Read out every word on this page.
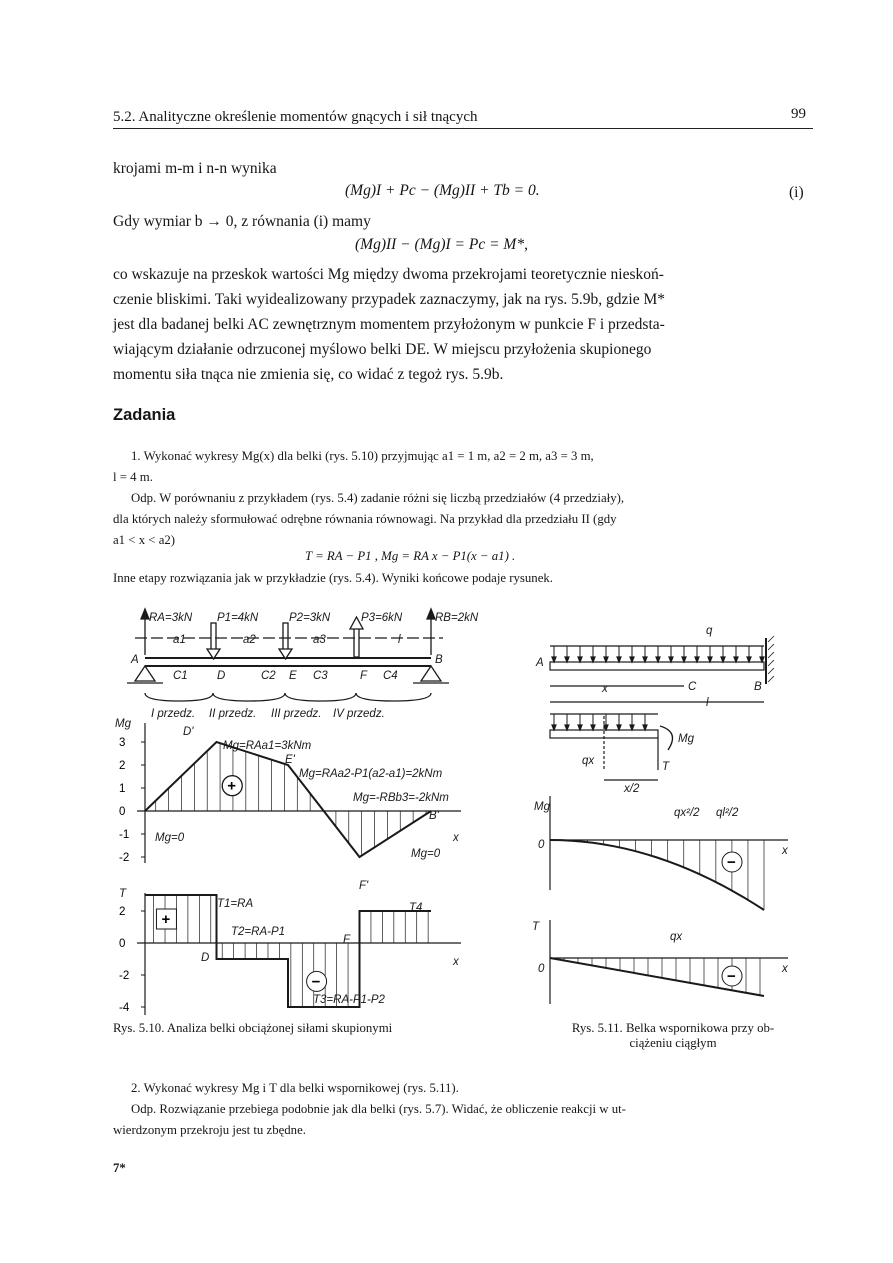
5.2. Analityczne określenie momentów gnących i sił tnących	99
krojami m-m i n-n wynika
(Mg)I + Pc − (Mg)II + Tb = 0.	(i)
Gdy wymiar b → 0, z równania (i) mamy
(Mg)II − (Mg)I = Pc = M*,
co wskazuje na przeskok wartości Mg między dwoma przekrojami teoretycznie nieskoń-
czenie bliskimi. Taki wyidealizowany przypadek zaznaczymy, jak na rys. 5.9b, gdzie M*
jest dla badanej belki AC zewnętrznym momentem przyłożonym w punkcie F i przedsta-
wiającym działanie odrzuconej myślowo belki DE. W miejscu przyłożenia skupionego
momentu siła tnąca nie zmienia się, co widać z tegoż rys. 5.9b.
Zadania
1. Wykonać wykresy Mg(x) dla belki (rys. 5.10) przyjmując a1 = 1 m, a2 = 2 m, a3 = 3 m,
l = 4 m.
Odp. W porównaniu z przykładem (rys. 5.4) zadanie różni się liczbą przedziałów (4 przedziały),
dla których należy sformułować odrębne równania równowagi. Na przykład dla przedziału II (gdy
a1 < x < a2)
T = RA − P1 , Mg = RA x − P1(x − a1) .
Inne etapy rozwiązania jak w przykładzie (rys. 5.4). Wyniki końcowe podaje rysunek.
RA=3kN P1=4kN	P2=3kN	P3=6kN	RB=2kN
a1	a2	a3	l
A
C1	D	C2 E C3	F C4
B
I przedz. II przedz. III przedz. IV przedz.
3
2
1
0
-1
-2
+
Mg
D'
E'
B'
F'
Mg=RAa1=3kNm
Mg=RAa2-P1(a2-a1)=2kNm
Mg=-RBb3=-2kNm
Mg=0
Mg=0
x
2
0
-2
-4
+
−
T
T1=RA
T2=RA-P1
T3=RA-P1-P2
T4
D
F
x
Rys. 5.10. Analiza belki obciążonej siłami skupionymi
−
−
q
A
x	C	B
l
Mg
qx	T
x/2
Mg	qx²/2 ql²/2
0	x
T
qx
0	x
Rys. 5.11. Belka wspornikowa przy ob-
ciążeniu ciągłym
2. Wykonać wykresy Mg i T dla belki wspornikowej (rys. 5.11).
Odp. Rozwiązanie przebiega podobnie jak dla belki (rys. 5.7). Widać, że obliczenie reakcji w ut-
wierdzonym przekroju jest tu zbędne.
7*
